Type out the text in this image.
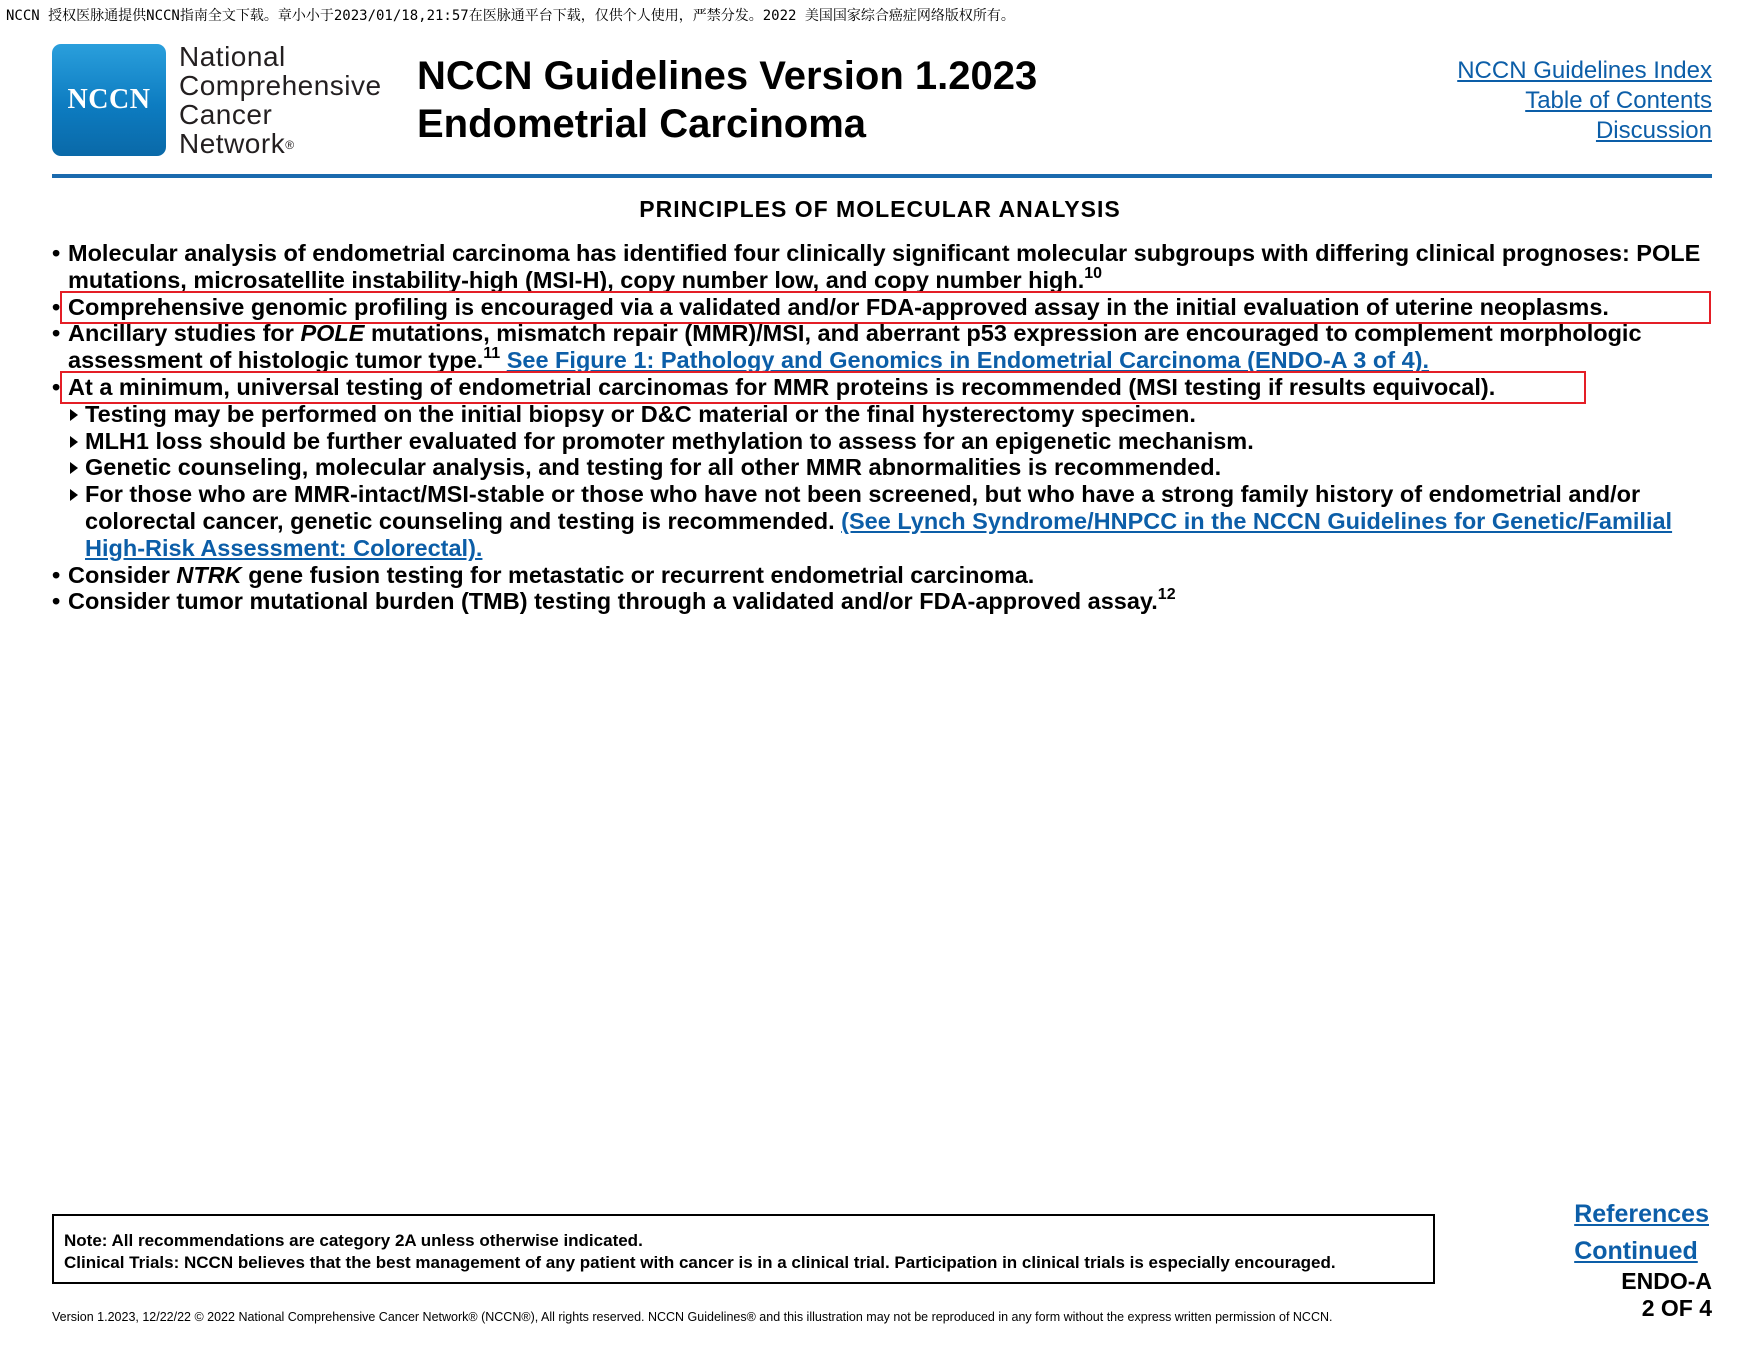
NCCN 授权医脉通提供NCCN指南全文下载。章小小于2023/01/18,21:57在医脉通平台下载，仅供个人使用，严禁分发。2022 美国国家综合癌症网络版权所有。
NCCN
National
Comprehensive
Cancer
Network®
NCCN Guidelines Version 1.2023
Endometrial Carcinoma
NCCN Guidelines Index
Table of Contents
Discussion
PRINCIPLES OF MOLECULAR ANALYSIS
• Molecular analysis of endometrial carcinoma has identified four clinically significant molecular subgroups with differing clinical prognoses: POLE mutations, microsatellite instability-high (MSI-H), copy number low, and copy number high.$^{10}$
• Comprehensive genomic profiling is encouraged via a validated and/or FDA-approved assay in the initial evaluation of uterine neoplasms.
• Ancillary studies for POLE mutations, mismatch repair (MMR)/MSI, and aberrant p53 expression are encouraged to complement morphologic assessment of histologic tumor type.$^{11}$ See Figure 1: Pathology and Genomics in Endometrial Carcinoma (ENDO-A 3 of 4).
• At a minimum, universal testing of endometrial carcinomas for MMR proteins is recommended (MSI testing if results equivocal).
Testing may be performed on the initial biopsy or D&C material or the final hysterectomy specimen.
MLH1 loss should be further evaluated for promoter methylation to assess for an epigenetic mechanism.
Genetic counseling, molecular analysis, and testing for all other MMR abnormalities is recommended.
For those who are MMR-intact/MSI-stable or those who have not been screened, but who have a strong family history of endometrial and/or colorectal cancer, genetic counseling and testing is recommended. (See Lynch Syndrome/HNPCC in the NCCN Guidelines for Genetic/Familial High-Risk Assessment: Colorectal).
• Consider NTRK gene fusion testing for metastatic or recurrent endometrial carcinoma.
• Consider tumor mutational burden (TMB) testing through a validated and/or FDA-approved assay.$^{12}$
Note: All recommendations are category 2A unless otherwise indicated.
Clinical Trials: NCCN believes that the best management of any patient with cancer is in a clinical trial. Participation in clinical trials is especially encouraged.
References
Continued
ENDO-A
2 OF 4
Version 1.2023, 12/22/22 © 2022 National Comprehensive Cancer Network® (NCCN®), All rights reserved. NCCN Guidelines® and this illustration may not be reproduced in any form without the express written permission of NCCN.
